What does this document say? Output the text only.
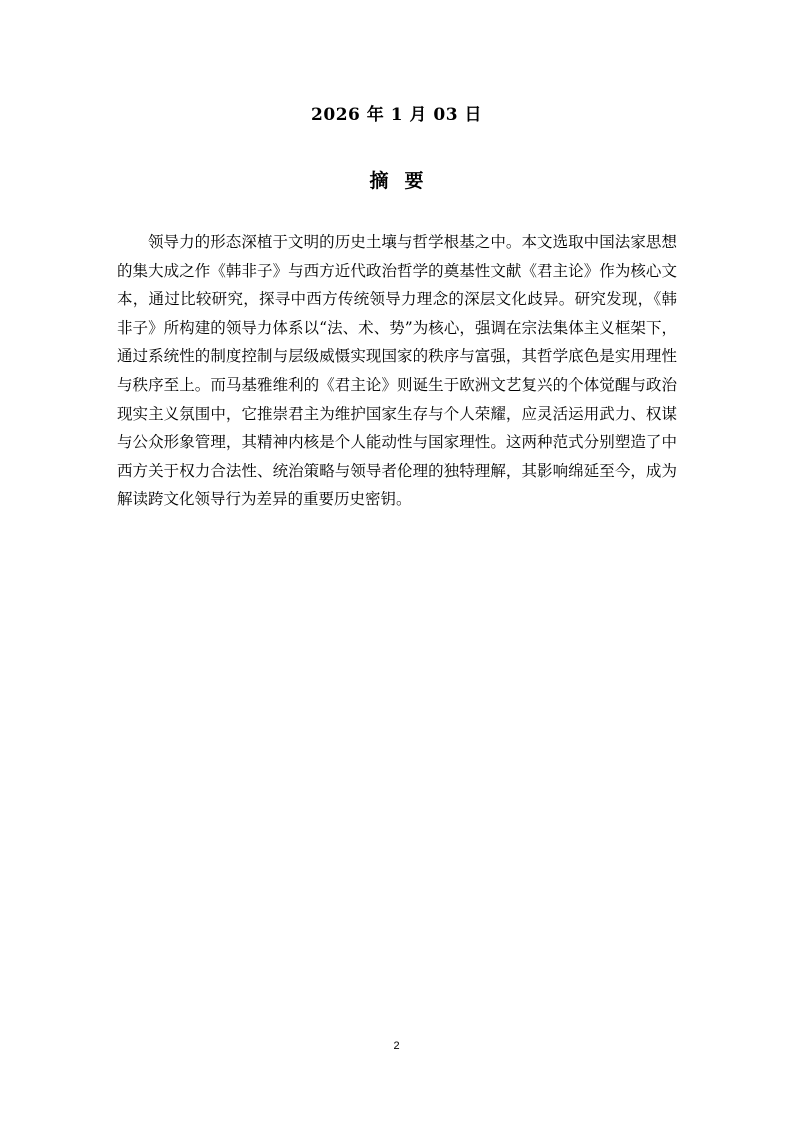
2026 年 1 月 03 日
摘要

领导力的形态深植于文明的历史土壤与哲学根基之中。本文选取中国法家思想的集大成之作《韩非子》与西方近代政治哲学的奠基性文献《君主论》作为核心文本，通过比较研究，探寻中西方传统领导力理念的深层文化歧异。研究发现，《韩非子》所构建的领导力体系以“法、术、势”为核心，强调在宗法集体主义框架下，通过系统性的制度控制与层级威慑实现国家的秩序与富强，其哲学底色是实用理性与秩序至上。而马基雅维利的《君主论》则诞生于欧洲文艺复兴的个体觉醒与政治现实主义氛围中，它推崇君主为维护国家生存与个人荣耀，应灵活运用武力、权谋与公众形象管理，其精神内核是个人能动性与国家理性。这两种范式分别塑造了中西方关于权力合法性、统治策略与领导者伦理的独特理解，其影响绵延至今，成为解读跨文化领导行为差异的重要历史密钥。

2
